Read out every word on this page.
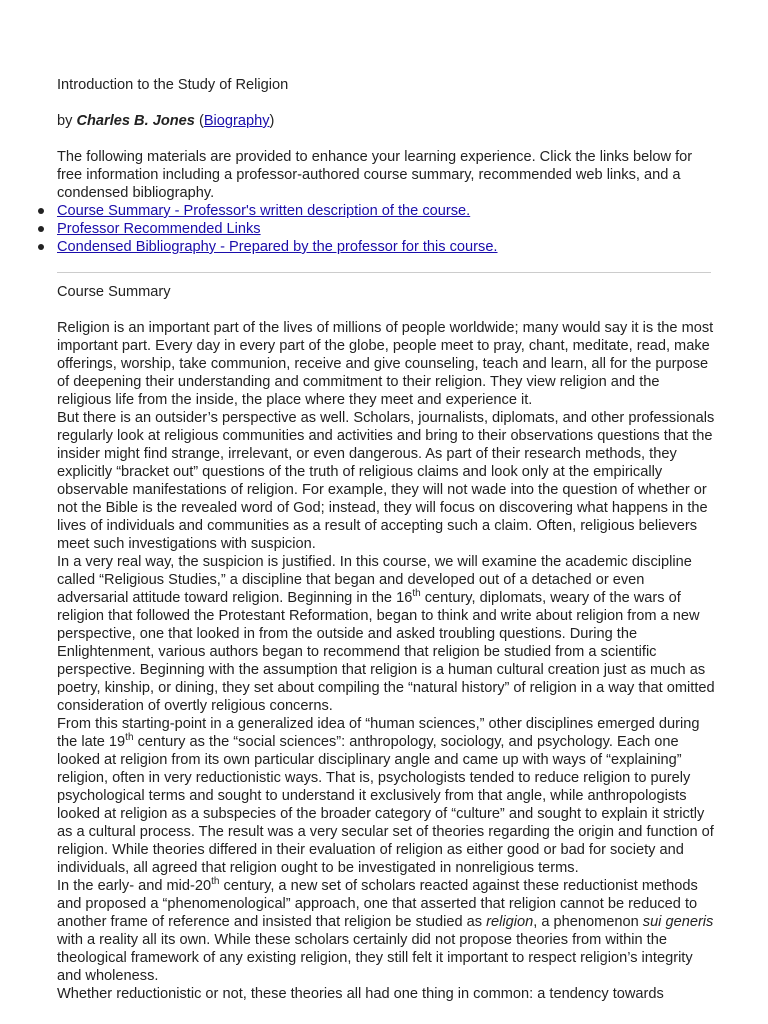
Introduction to the Study of Religion

by Charles B. Jones (Biography)

The following materials are provided to enhance your learning experience. Click the links below for free information including a professor-authored course summary, recommended web links, and a condensed bibliography.

Course Summary - Professor's written description of the course.
Professor Recommended Links
Condensed Bibliography - Prepared by the professor for this course.

Course Summary

Religion is an important part of the lives of millions of people worldwide; many would say it is the most important part. Every day in every part of the globe, people meet to pray, chant, meditate, read, make offerings, worship, take communion, receive and give counseling, teach and learn, all for the purpose of deepening their understanding and commitment to their religion. They view religion and the religious life from the inside, the place where they meet and experience it.

But there is an outsider’s perspective as well. Scholars, journalists, diplomats, and other professionals regularly look at religious communities and activities and bring to their observations questions that the insider might find strange, irrelevant, or even dangerous. As part of their research methods, they explicitly “bracket out” questions of the truth of religious claims and look only at the empirically observable manifestations of religion. For example, they will not wade into the question of whether or not the Bible is the revealed word of God; instead, they will focus on discovering what happens in the lives of individuals and communities as a result of accepting such a claim. Often, religious believers meet such investigations with suspicion.

In a very real way, the suspicion is justified. In this course, we will examine the academic discipline called “Religious Studies,” a discipline that began and developed out of a detached or even adversarial attitude toward religion. Beginning in the 16th century, diplomats, weary of the wars of religion that followed the Protestant Reformation, began to think and write about religion from a new perspective, one that looked in from the outside and asked troubling questions. During the Enlightenment, various authors began to recommend that religion be studied from a scientific perspective. Beginning with the assumption that religion is a human cultural creation just as much as poetry, kinship, or dining, they set about compiling the “natural history” of religion in a way that omitted consideration of overtly religious concerns.

From this starting-point in a generalized idea of “human sciences,” other disciplines emerged during the late 19th century as the “social sciences”: anthropology, sociology, and psychology. Each one looked at religion from its own particular disciplinary angle and came up with ways of “explaining” religion, often in very reductionistic ways. That is, psychologists tended to reduce religion to purely psychological terms and sought to understand it exclusively from that angle, while anthropologists looked at religion as a subspecies of the broader category of “culture” and sought to explain it strictly as a cultural process. The result was a very secular set of theories regarding the origin and function of religion. While theories differed in their evaluation of religion as either good or bad for society and individuals, all agreed that religion ought to be investigated in nonreligious terms.

In the early- and mid-20th century, a new set of scholars reacted against these reductionist methods and proposed a “phenomenological” approach, one that asserted that religion cannot be reduced to another frame of reference and insisted that religion be studied as religion, a phenomenon sui generis with a reality all its own. While these scholars certainly did not propose theories from within the theological framework of any existing religion, they still felt it important to respect religion’s integrity and wholeness.

Whether reductionistic or not, these theories all had one thing in common: a tendency towards
